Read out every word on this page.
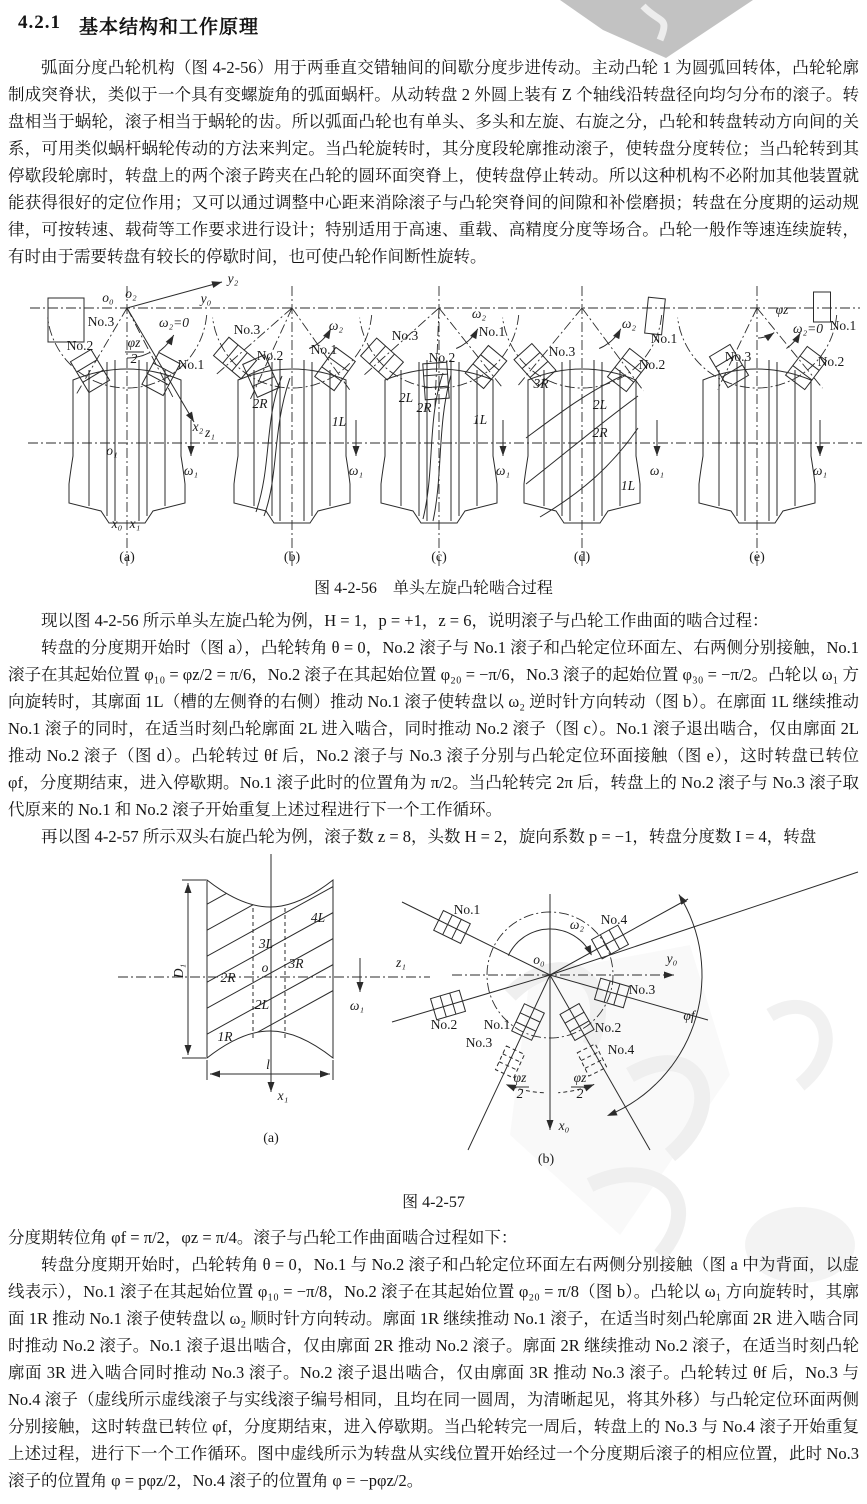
4.2.1 基本结构和工作原理

弧面分度凸轮机构（图 4-2-56）用于两垂直交错轴间的间歇分度步进传动。主动凸轮 1 为圆弧回转体，凸轮轮廓制成突脊状，类似于一个具有变螺旋角的弧面蜗杆。从动转盘 2 外圆上装有 Z 个轴线沿转盘径向均匀分布的滚子。转盘相当于蜗轮，滚子相当于蜗轮的齿。所以弧面凸轮也有单头、多头和左旋、右旋之分，凸轮和转盘转动方向间的关系，可用类似蜗杆蜗轮传动的方法来判定。当凸轮旋转时，其分度段轮廓推动滚子，使转盘分度转位；当凸轮转到其停歇段轮廓时，转盘上的两个滚子跨夹在凸轮的圆环面突脊上，使转盘停止转动。所以这种机构不必附加其他装置就能获得很好的定位作用；又可以通过调整中心距来消除滚子与凸轮突脊间的间隙和补偿磨损；转盘在分度期的运动规律，可按转速、载荷等工作要求进行设计；特别适用于高速、重载、高精度分度等场合。凸轮一般作等速连续旋转，有时由于需要转盘有较长的停歇时间，也可使凸轮作间断性旋转。

(a)	(b)	(c)	(d)	(e)
y₂
o₀ o₂	y₀
ω₂=0
No.3
No.2
No.1
φz
2
x₂ z₁
o₁
ω₁
x₀ x₁
No.3
No.2 No.1
ω₂
2R
1L
ω₁
No.3
No.2
No.1
ω₂
2L
2R
1L
ω₁
No.3
No.1
No.2
ω₂
3R
2L
2R
1L
ω₁
φz
ω₂=0 No.1
No.3	No.2
ω₁
图 4-2-56　单头左旋凸轮啮合过程

现以图 4-2-56 所示单头左旋凸轮为例，H = 1，p = +1，z = 6，说明滚子与凸轮工作曲面的啮合过程：

转盘的分度期开始时（图 a），凸轮转角 θ = 0，No.2 滚子与 No.1 滚子和凸轮定位环面左、右两侧分别接触，No.1 滚子在其起始位置 φ₁₀ = φz/2 = π/6，No.2 滚子在其起始位置 φ₂₀ = −π/6，No.3 滚子的起始位置 φ₃₀ = −π/2。凸轮以 ω₁ 方向旋转时，其廓面 1L（槽的左侧脊的右侧）推动 No.1 滚子使转盘以 ω₂ 逆时针方向转动（图 b）。在廓面 1L 继续推动 No.1 滚子的同时，在适当时刻凸轮廓面 2L 进入啮合，同时推动 No.2 滚子（图 c）。No.1 滚子退出啮合，仅由廓面 2L 推动 No.2 滚子（图 d）。凸轮转过 θf 后，No.2 滚子与 No.3 滚子分别与凸轮定位环面接触（图 e），这时转盘已转位 φf，分度期结束，进入停歇期。No.1 滚子此时的位置角为 π/2。当凸轮转完 2π 后，转盘上的 No.2 滚子与 No.3 滚子取代原来的 No.1 和 No.2 滚子开始重复上述过程进行下一个工作循环。

再以图 4-2-57 所示双头右旋凸轮为例，滚子数 z = 8，头数 H = 2，旋向系数 p = −1，转盘分度数 I = 4，转盘

(a)
(b)
4L
3L
3R
2R
o
2L
1R
D₁
l
z₁
ω₁
x₁
No.1
No.4
No.3
No.2 No.1	No.2
No.3	No.4
o₀	y₀
x₀
ω₂
φf
φz
2
φz
2
图 4-2-57

分度期转位角 φf = π/2，φz = π/4。滚子与凸轮工作曲面啮合过程如下：

转盘分度期开始时，凸轮转角 θ = 0，No.1 与 No.2 滚子和凸轮定位环面左右两侧分别接触（图 a 中为背面，以虚线表示），No.1 滚子在其起始位置 φ₁₀ = −π/8，No.2 滚子在其起始位置 φ₂₀ = π/8（图 b）。凸轮以 ω₁ 方向旋转时，其廓面 1R 推动 No.1 滚子使转盘以 ω₂ 顺时针方向转动。廓面 1R 继续推动 No.1 滚子，在适当时刻凸轮廓面 2R 进入啮合同时推动 No.2 滚子。No.1 滚子退出啮合，仅由廓面 2R 推动 No.2 滚子。廓面 2R 继续推动 No.2 滚子，在适当时刻凸轮廓面 3R 进入啮合同时推动 No.3 滚子。No.2 滚子退出啮合，仅由廓面 3R 推动 No.3 滚子。凸轮转过 θf 后，No.3 与 No.4 滚子（虚线所示虚线滚子与实线滚子编号相同，且均在同一圆周，为清晰起见，将其外移）与凸轮定位环面两侧分别接触，这时转盘已转位 φf，分度期结束，进入停歇期。当凸轮转完一周后，转盘上的 No.3 与 No.4 滚子开始重复上述过程，进行下一个工作循环。图中虚线所示为转盘从实线位置开始经过一个分度期后滚子的相应位置，此时 No.3 滚子的位置角 φ = pφz/2，No.4 滚子的位置角 φ = −pφz/2。
